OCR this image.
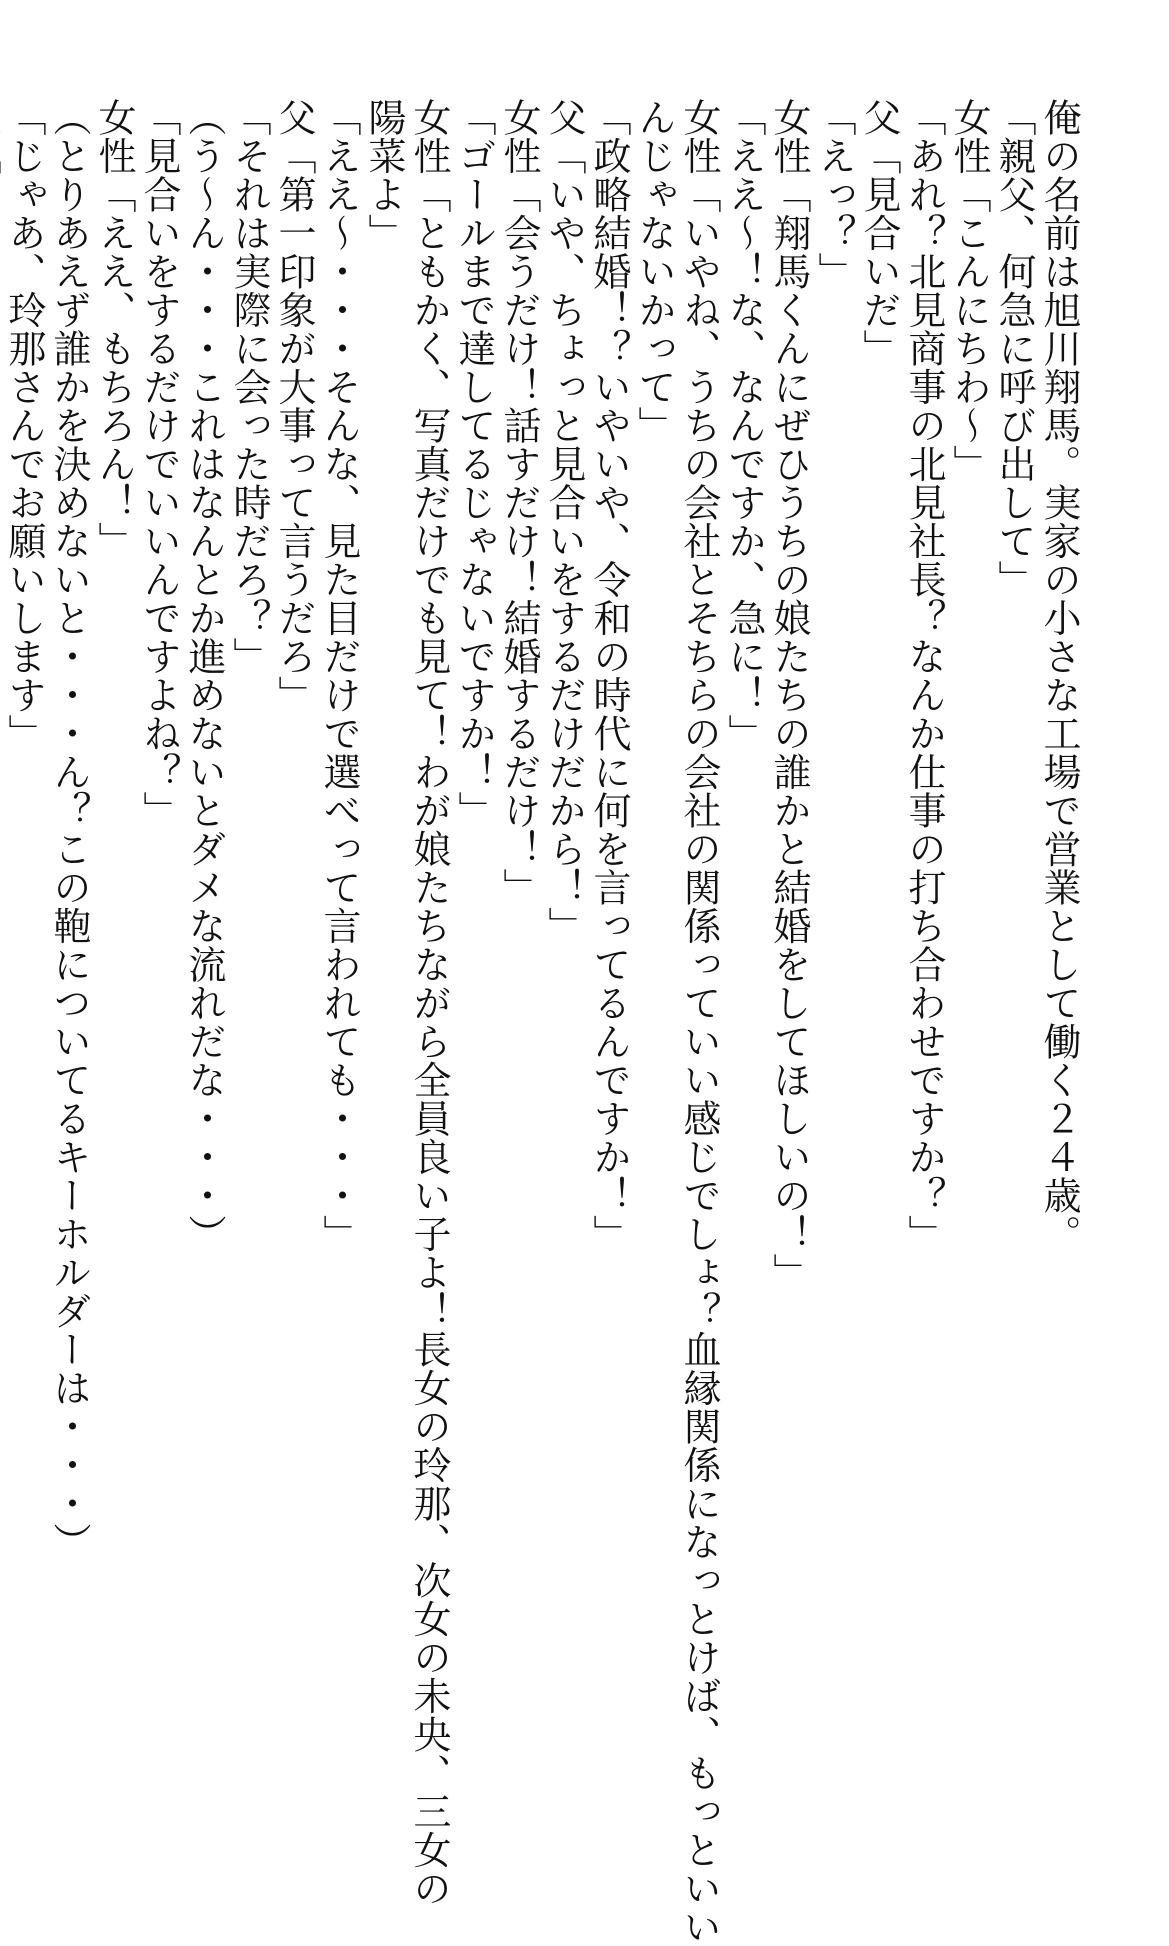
俺の名前は旭川翔馬。実家の小さな工場で営業として働く２４歳。
「親父、何急に呼び出して」
女性「こんにちわ～」
「あれ？北見商事の北見社長？なんか仕事の打ち合わせですか？」
父「見合いだ」
「えっ？」
女性「翔馬くんにぜひうちの娘たちの誰かと結婚をしてほしいの！」
「ええ～！な、なんですか、急に！」
女性「いやね、うちの会社とそちらの会社の関係っていい感じでしょ？血縁関係になっとけば、もっといい
んじゃないかって」
「政略結婚！？いやいや、令和の時代に何を言ってるんですか！」
父「いや、ちょっと見合いをするだけだから！」
女性「会うだけ！話すだけ！結婚するだけ！」
「ゴールまで達してるじゃないですか！」
女性「ともかく、写真だけでも見て！わが娘たちながら全員良い子よ！長女の玲那、次女の未央、三女の
陽菜よ」
「ええ～・・・そんな、見た目だけで選べって言われても・・・」
父「第一印象が大事って言うだろ」
「それは実際に会った時だろ？」
（う～ん・・・これはなんとか進めないとダメな流れだな・・・）
「見合いをするだけでいいんですよね？」
女性「ええ、もちろん！」
（とりあえず誰かを決めないと・・・ん？この鞄についてるキーホルダーは・・・）
「じゃあ、玲那さんでお願いします」
